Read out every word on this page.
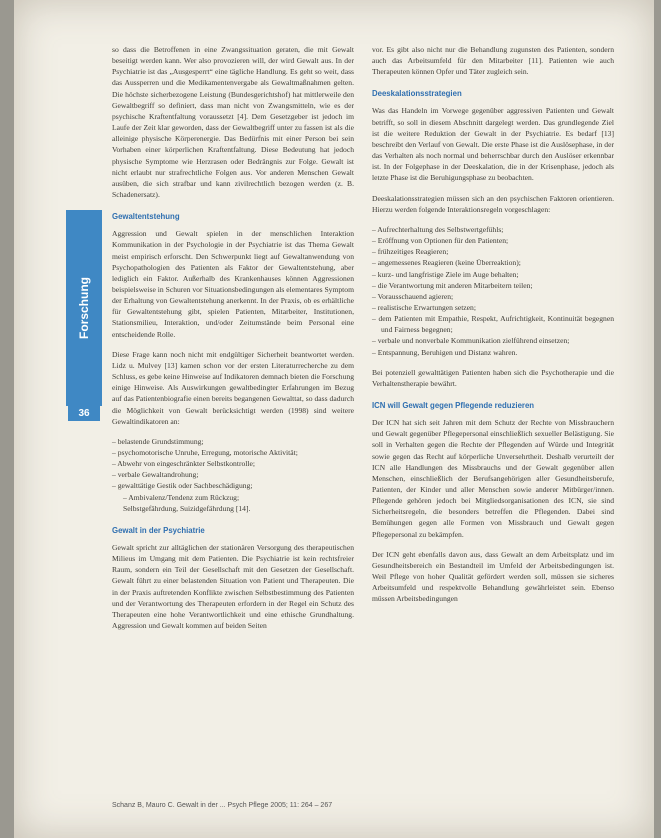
Forschung
36

so dass die Betroffenen in eine Zwangssituation geraten, die mit Gewalt beseitigt werden kann. Wer also provozieren will, der wird Gewalt aus. In der Psychiatrie ist das „Ausgesperrt“ eine tägliche Handlung. Es geht so weit, dass das Aussperren und die Medikamentenvergabe als Gewaltmaßnahmen gelten. Die höchste sicherbezogene Leistung (Bundesgerichtshof) hat mittlerweile den Gewaltbegriff so definiert, dass man nicht von Zwangsmitteln, wie es der psychische Kraftentfaltung voraussetzt [4]. Dem Gesetzgeber ist jedoch im Laufe der Zeit klar geworden, dass der Gewaltbegriff unter zu fassen ist als die alleinige physische Körperenergie. Das Bedürfnis mit einer Person bei sein Vorhaben einer körperlichen Kraftentfaltung. Diese Bedeutung hat jedoch physische Symptome wie Herzrasen oder Bedrängnis zur Folge. Gewalt ist nicht erlaubt nur strafrechtliche Folgen aus. Vor anderen Menschen Gewalt ausüben, die sich strafbar und kann zivilrechtlich bezogen werden (z. B. Schadenersatz).

Gewaltentstehung

Aggression und Gewalt spielen in der menschlichen Interaktion Kommunikation in der Psychologie in der Psychiatrie ist das Thema Gewalt meist empirisch erforscht. Den Schwerpunkt liegt auf Gewaltanwendung von Psychopathologien des Patienten als Faktor der Gewaltentstehung, aber lediglich ein Faktor. Außerhalb des Krankenhauses können Aggressionen beispielsweise in Schuren vor Situationsbedingungen als elementares Symptom der Erhaltung von Gewaltentstehung anerkennt. In der Praxis, ob es erhältliche für Gewaltentstehung gibt, spielen Patienten, Mitarbeiter, Institutionen, Stationsmilieu, Interaktion, und/oder Zeitumstände beim Personal eine entscheidende Rolle.

Diese Frage kann noch nicht mit endgültiger Sicherheit beantwortet werden. Lidz u. Mulvey [13] kamen schon vor der ersten Literaturrecherche zu dem Schluss, es gebe keine Hinweise auf Indikatoren demnach bieten die Forschung einige Hinweise. Als Auswirkungen gewaltbedingter Erfahrungen im Bezug auf das Patientenbiografie einen bereits begangenen Gewalttat, so dass dadurch die Möglichkeit von Gewalt berücksichtigt werden (1998) sind weitere Gewaltindikatoren an:

– belastende Grundstimmung;
– psychomotorische Unruhe, Erregung, motorische Aktivität;
– Abwehr von eingeschränkter Selbstkontrolle;
– verbale Gewaltandrohung;
– gewalttätige Gestik oder Sachbeschädigung;
– Ambivalenz/Tendenz zum Rückzug;
Selbstgefährdung, Suizidgefährdung [14].
Gewalt in der Psychiatrie

Gewalt spricht zur alltäglichen der stationären Versorgung des therapeutischen Milieus im Umgang mit dem Patienten. Die Psychiatrie ist kein rechtsfreier Raum, sondern ein Teil der Gesellschaft mit den Gesetzen der Gesellschaft. Gewalt führt zu einer belastenden Situation von Patient und Therapeuten. Die in der Praxis auftretenden Konflikte zwischen Selbstbestimmung des Patienten und der Verantwortung des Therapeuten erfordern in der Regel ein Schutz des Therapeuten eine hohe Verantwortlichkeit und eine ethische Grundhaltung. Aggression und Gewalt kommen auf beiden Seiten

vor. Es gibt also nicht nur die Behandlung zugunsten des Patienten, sondern auch das Arbeitsumfeld für den Mitarbeiter [11]. Patienten wie auch Therapeuten können Opfer und Täter zugleich sein.

Deeskalationsstrategien

Was das Handeln im Vorwege gegenüber aggressiven Patienten und Gewalt betrifft, so soll in diesem Abschnitt dargelegt werden. Das grundlegende Ziel ist die weitere Reduktion der Gewalt in der Psychiatrie. Es bedarf [13] beschreibt den Verlauf von Gewalt. Die erste Phase ist die Auslösephase, in der das Verhalten als noch normal und beherrschbar durch den Auslöser erkennbar ist. In der Folgephase in der Deeskalation, die in der Krisenphase, jedoch als letzte Phase ist die Beruhigungsphase zu beobachten.

Deeskalationsstrategien müssen sich an den psychischen Faktoren orientieren. Hierzu werden folgende Interaktionsregeln vorgeschlagen:

– Aufrechterhaltung des Selbstwertgefühls;
– Eröffnung von Optionen für den Patienten;
– frühzeitiges Reagieren;
– angemessenes Reagieren (keine Überreaktion);
– kurz- und langfristige Ziele im Auge behalten;
– die Verantwortung mit anderen Mitarbeitern teilen;
– Vorausschauend agieren;
– realistische Erwartungen setzen;
– dem Patienten mit Empathie, Respekt, Aufrichtigkeit, Kontinuität begegnen und Fairness begegnen;
– verbale und nonverbale Kommunikation zielführend einsetzen;
– Entspannung, Beruhigen und Distanz wahren.

Bei potenziell gewalttätigen Patienten haben sich die Psychotherapie und die Verhaltenstherapie bewährt.

ICN will Gewalt gegen Pflegende reduzieren

Der ICN hat sich seit Jahren mit dem Schutz der Rechte von Missbrauchern und Gewalt gegenüber Pflegepersonal einschließlich sexueller Belästigung. Sie soll in Verhalten gegen die Rechte der Pflegenden auf Würde und Integrität sowie gegen das Recht auf körperliche Unversehrtheit. Deshalb verurteilt der ICN alle Handlungen des Missbrauchs und der Gewalt gegenüber allen Menschen, einschließlich der Berufsangehörigen aller Gesundheitsberufe, Patienten, der Kinder und aller Menschen sowie anderer Mitbürger/innen. Pflegende gehören jedoch bei Mitgliedsorganisationen des ICN, sie sind Sicherheitsregeln, die besonders betreffen die Pflegenden. Dabei sind Bemühungen gegen alle Formen von Missbrauch und Gewalt gegen Pflegepersonal zu bekämpfen.

Der ICN geht ebenfalls davon aus, dass Gewalt an dem Arbeitsplatz und im Gesundheitsbereich ein Bestandteil im Umfeld der Arbeitsbedingungen ist. Weil Pflege von hoher Qualität gefördert werden soll, müssen sie sicheres Arbeitsumfeld und respektvolle Behandlung gewährleistet sein. Ebenso müssen Arbeitsbedingungen

Schanz B, Mauro C. Gewalt in der ... Psych Pflege 2005; 11: 264 – 267
